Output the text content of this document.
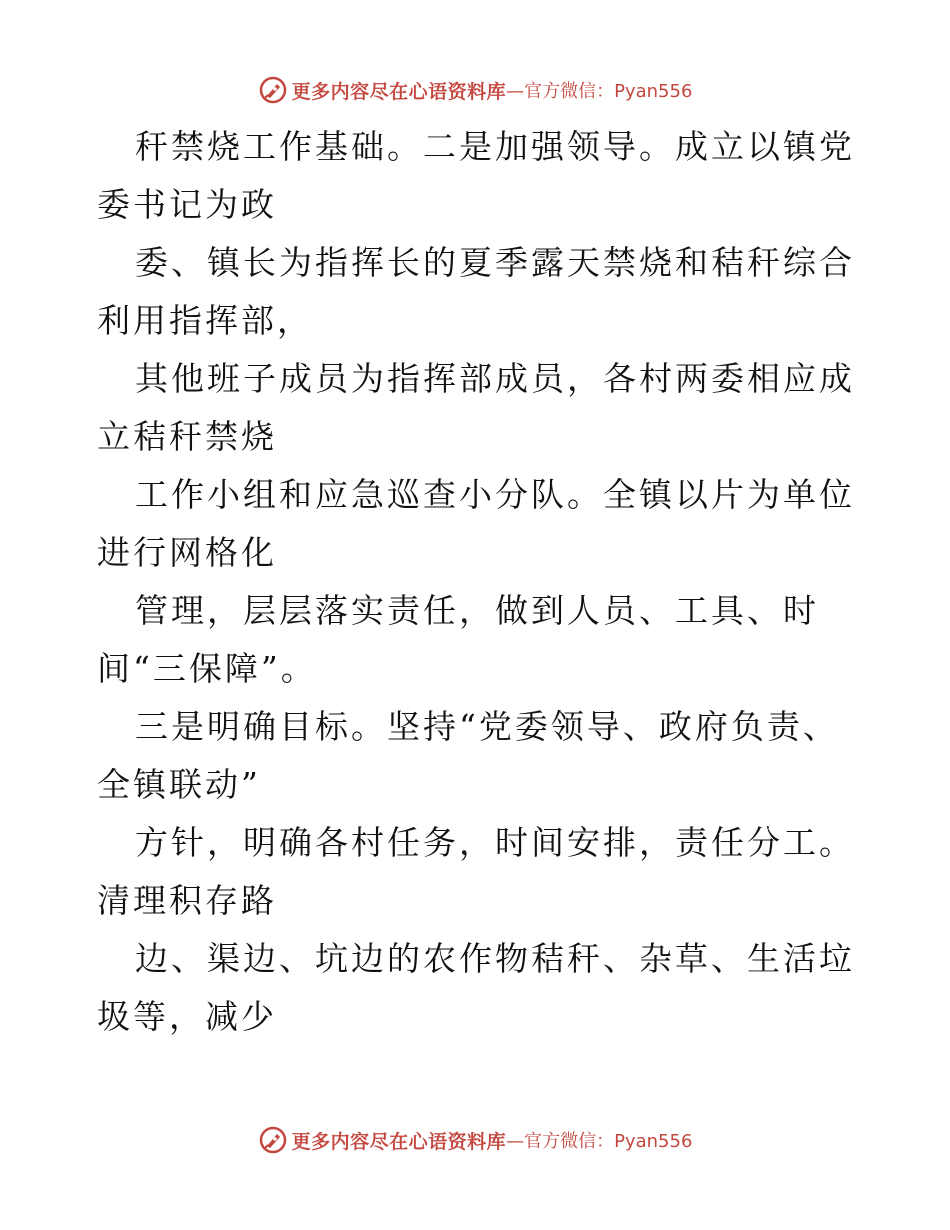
更多内容尽在心语资料库 —官方微信：Pyan556

秆禁烧工作基础。二是加强领导。成立以镇党委书记为政

委、镇长为指挥长的夏季露天禁烧和秸秆综合利用指挥部，

其他班子成员为指挥部成员，各村两委相应成立秸秆禁烧

工作小组和应急巡查小分队。全镇以片为单位进行网格化

管理，层层落实责任，做到人员、工具、时间“三保障”。

三是明确目标。坚持“党委领导、政府负责、全镇联动”

方针，明确各村任务，时间安排，责任分工。清理积存路

边、渠边、坑边的农作物秸秆、杂草、生活垃圾等，减少

更多内容尽在心语资料库 —官方微信：Pyan556
